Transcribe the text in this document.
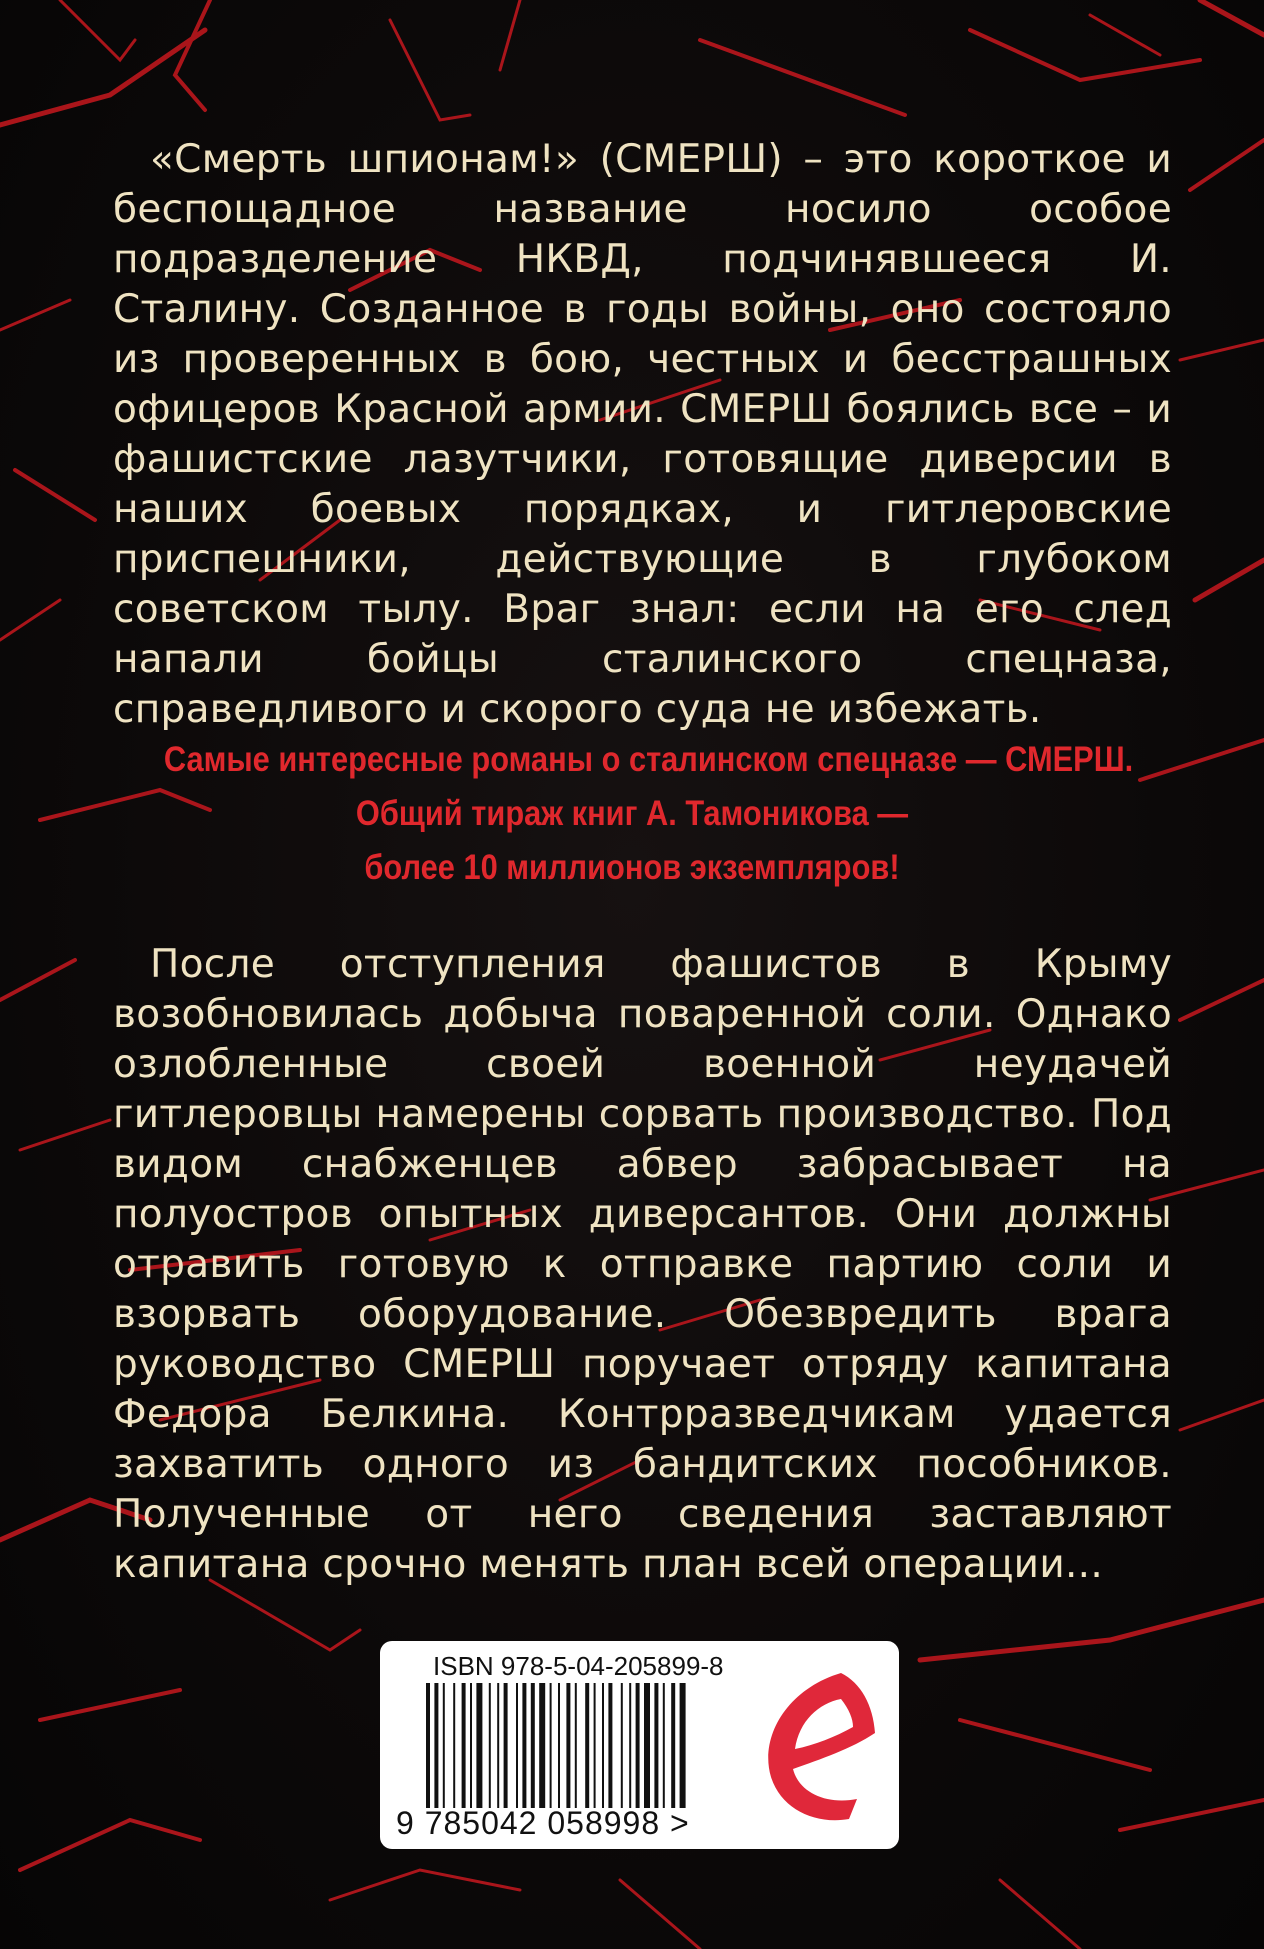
«Смерть шпионам!» (СМЕРШ) – это короткое и беспощадное название носило особое подразделение НКВД, подчинявшееся И. Сталину. Созданное в годы войны, оно состояло из проверенных в бою, честных и бесстрашных офицеров Красной армии. СМЕРШ боялись все – и фашистские лазутчики, готовящие диверсии в наших боевых порядках, и гитлеровские приспешники, действующие в глубоком советском тылу. Враг знал: если на его след напали бойцы сталинского спецназа, справедливого и скорого суда не избежать.

Самые интересные романы о сталинском спецназе — СМЕРШ.
Общий тираж книг А. Тамоникова —
более 10 миллионов экземпляров!

После отступления фашистов в Крыму возобновилась добыча поваренной соли. Однако озлобленные своей военной неудачей гитлеровцы намерены сорвать производство. Под видом снабженцев абвер забрасывает на полуостров опытных диверсантов. Они должны отравить готовую к отправке партию соли и взорвать оборудование. Обезвредить врага руководство СМЕРШ поручает отряду капитана Федора Белкина. Контрразведчикам удается захватить одного из бандитских пособников. Полученные от него сведения заставляют капитана срочно менять план всей операции...

ISBN 978-5-04-205899-8
9 785042 058998 >
